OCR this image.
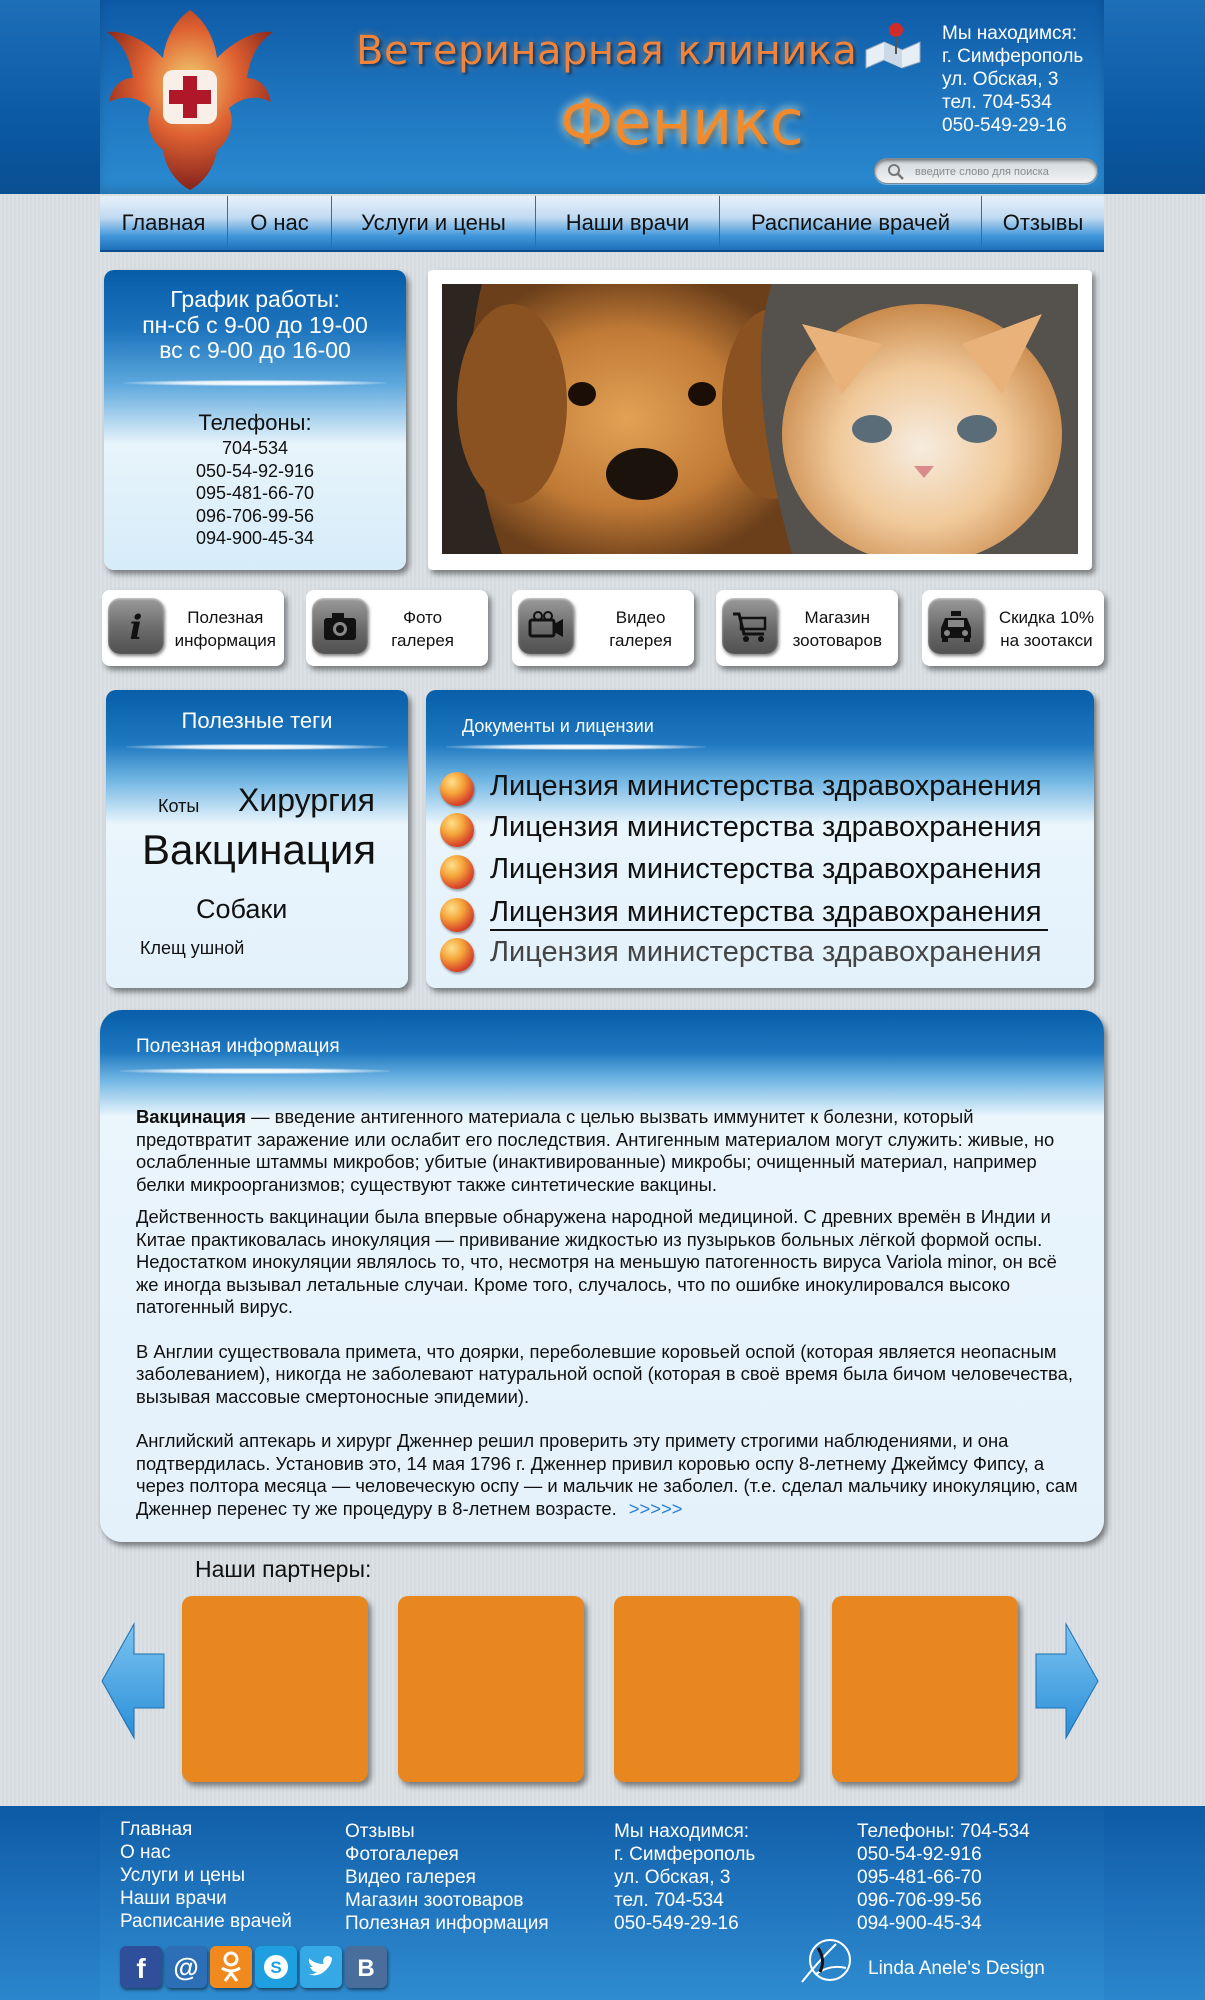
Ветеринарная клиника
Феникс
Мы находимся:
г. Симферополь
ул. Обская, 3
тел. 704-534
050-549-29-16
введите слово для поиска
Главная	О нас	Услуги и цены	Наши врачи	Расписание врачей	Отзывы
График работы:
пн-сб с 9-00 до 19-00
вс с 9-00 до 16-00
Телефоны:
704-534
050-54-92-916
095-481-66-70
096-706-99-56
094-900-45-34
i	Полезная
информация
Фото
галерея
Видео
галерея
Магазин
зоотоваров
Скидка 10%
на зоотакси
Полезные теги
Коты Хирургия
Вакцинация
Собаки
Клещ ушной
Документы и лицензии
Лицензия министерства здравохранения
Лицензия министерства здравохранения
Лицензия министерства здравохранения
Лицензия министерства здравохранения
Лицензия министерства здравохранения
Полезная информация

Вакцинация — введение антигенного материала с целью вызвать иммунитет к болезни, который предотвратит заражение или ослабит его последствия. Антигенным материалом могут служить: живые, но ослабленные штаммы микробов; убитые (инактивированные) микробы; очищенный материал, например белки микроорганизмов; существуют также синтетические вакцины.

Действенность вакцинации была впервые обнаружена народной медициной. С древних времён в Индии и Китае практиковалась инокуляция — прививание жидкостью из пузырьков больных лёгкой формой оспы. Недостатком инокуляции являлось то, что, несмотря на меньшую патогенность вируса Variola minor, он всё же иногда вызывал летальные случаи. Кроме того, случалось, что по ошибке инокулировался высоко патогенный вирус.

В Англии существовала примета, что доярки, переболевшие коровьей оспой (которая является неопасным заболеванием), никогда не заболевают натуральной оспой (которая в своё время была бичом человечества, вызывая массовые смертоносные эпидемии).

Английский аптекарь и хирург Дженнер решил проверить эту примету строгими наблюдениями, и она подтвердилась. Установив это, 14 мая 1796 г. Дженнер привил коровью оспу 8-летнему Джеймсу Фипсу, а через полтора месяца — человеческую оспу — и мальчик не заболел. (т.е. сделал мальчику инокуляцию, сам Дженнер перенес ту же процедуру в 8-летнем возрасте. >>>>>

Наши партнеры:
Главная
О нас
Услуги и цены
Наши врачи
Расписание врачей
Отзывы
Фотогалерея
Видео галерея
Магазин зоотоваров
Полезная информация
Мы находимся:
г. Симферополь
ул. Обская, 3
тел. 704-534
050-549-29-16
Телефоны: 704-534
050-54-92-916
095-481-66-70
096-706-99-56
094-900-45-34
f @	S	B	Linda Anele's Design
